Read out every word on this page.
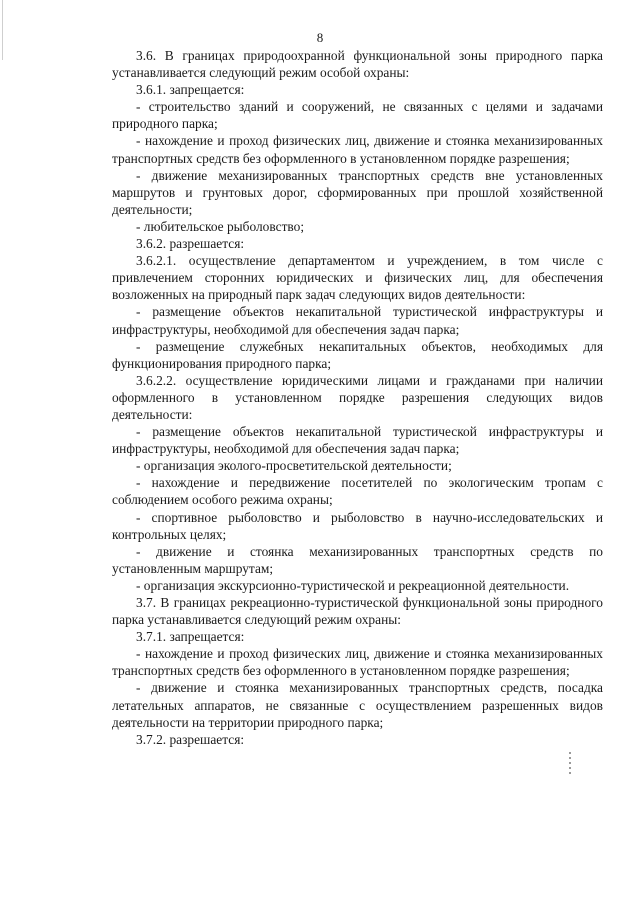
8

3.6. В границах природоохранной функциональной зоны природного парка устанавливается следующий режим особой охраны:

3.6.1. запрещается:

- строительство зданий и сооружений, не связанных с целями и задачами природного парка;

- нахождение и проход физических лиц, движение и стоянка механизированных транспортных средств без оформленного в установленном порядке разрешения;

- движение механизированных транспортных средств вне установленных маршрутов и грунтовых дорог, сформированных при прошлой хозяйственной деятельности;

- любительское рыболовство;

3.6.2. разрешается:

3.6.2.1. осуществление департаментом и учреждением, в том числе с привлечением сторонних юридических и физических лиц, для обеспечения возложенных на природный парк задач следующих видов деятельности:

- размещение объектов некапитальной туристической инфраструктуры и инфраструктуры, необходимой для обеспечения задач парка;

- размещение служебных некапитальных объектов, необходимых для функционирования природного парка;

3.6.2.2. осуществление юридическими лицами и гражданами при наличии оформленного в установленном порядке разрешения следующих видов деятельности:

- размещение объектов некапитальной туристической инфраструктуры и инфраструктуры, необходимой для обеспечения задач парка;

- организация эколого-просветительской деятельности;

- нахождение и передвижение посетителей по экологическим тропам с соблюдением особого режима охраны;

- спортивное рыболовство и рыболовство в научно-исследовательских и контрольных целях;

- движение и стоянка механизированных транспортных средств по установленным маршрутам;

- организация экскурсионно-туристической и рекреационной деятельности.

3.7. В границах рекреационно-туристической функциональной зоны природного парка устанавливается следующий режим охраны:

3.7.1. запрещается:

- нахождение и проход физических лиц, движение и стоянка механизированных транспортных средств без оформленного в установленном порядке разрешения;

- движение и стоянка механизированных транспортных средств, посадка летательных аппаратов, не связанные с осуществлением разрешенных видов деятельности на территории природного парка;

3.7.2. разрешается:
